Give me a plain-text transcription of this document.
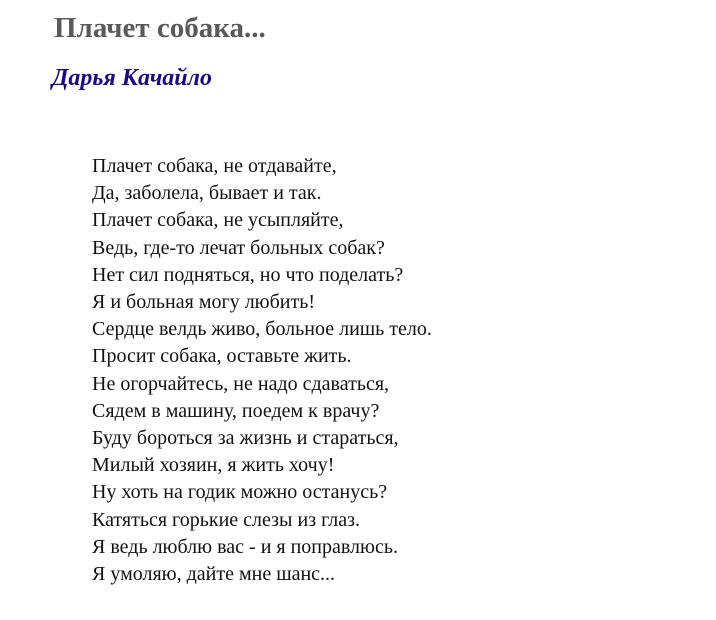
Плачет собака...
Дарья Качайло
Плачет собака, не отдавайте,
Да, заболела, бывает и так.
Плачет собака, не усыпляйте,
Ведь, где-то лечат больных собак?
Нет сил подняться, но что поделать?
Я и больная могу любить!
Сердце велдь живо, больное лишь тело.
Просит собака, оставьте жить.
Не огорчайтесь, не надо сдаваться,
Сядем в машину, поедем к врачу?
Буду бороться за жизнь и стараться,
Милый хозяин, я жить хочу!
Ну хоть на годик можно останусь?
Катяться горькие слезы из глаз.
Я ведь люблю вас - и я поправлюсь.
Я умоляю, дайте мне шанс...
